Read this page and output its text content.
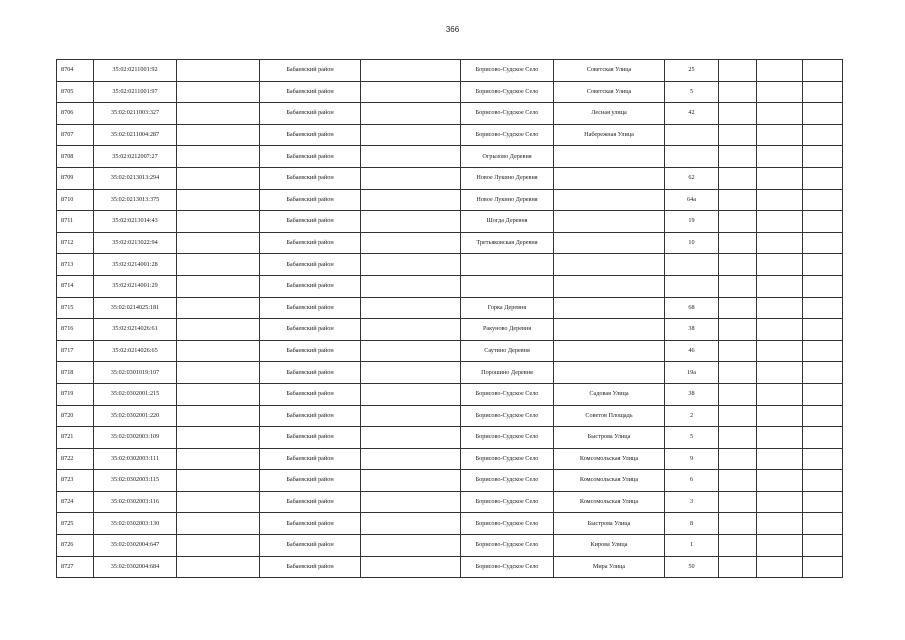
366
8704	35:02:0211001:92		Бабаевский район		Борисово-Судское Село	Советская Улица	25			
8705	35:02:0211001:97		Бабаевский район		Борисово-Судское Село	Советская Улица	5			
8706	35:02:0211003:327		Бабаевский район		Борисово-Судское Село	Лесная улица	42			
8707	35:02:0211004:287		Бабаевский район		Борисово-Судское Село	Набережная Улица				
8708	35:02:0212007:27		Бабаевский район		Огрызово Деревня					
8709	35:02:0213013:294		Бабаевский район		Новое Лукино Деревня		62			
8710	35:02:0213013:375		Бабаевский район		Новое Лукино Деревня		64а			
8711	35:02:0213014:43		Бабаевский район		Шогда Деревня		19			
8712	35:02:0213022:94		Бабаевский район		Третьяковская Деревня		10			
8713	35:02:0214001:28		Бабаевский район							
8714	35:02:0214001:29		Бабаевский район							
8715	35:02:0214025:181		Бабаевский район		Горка Деревня		68			
8716	35:02:0214026:61		Бабаевский район		Ракуново Деревня		38			
8717	35:02:0214026:65		Бабаевский район		Саутино Деревня		46			
8718	35:02:0301019:107		Бабаевский район		Порошино Деревня		19а			
8719	35:02:0302001:215		Бабаевский район		Борисово-Судское Село	Садовая Улица	38			
8720	35:02:0302001:220		Бабаевский район		Борисово-Судское Село	Советов Площадь	2			
8721	35:02:0302003:109		Бабаевский район		Борисово-Судское Село	Быстрова Улица	5			
8722	35:02:0302003:111		Бабаевский район		Борисово-Судское Село	Комсомольская Улица	9			
8723	35:02:0302003:115		Бабаевский район		Борисово-Судское Село	Комсомольская Улица	6			
8724	35:02:0302003:116		Бабаевский район		Борисово-Судское Село	Комсомольская Улица	3			
8725	35:02:0302003:130		Бабаевский район		Борисово-Судское Село	Быстрова Улица	8			
8726	35:02:0302004:647		Бабаевский район		Борисово-Судское Село	Кирова Улица	1			
8727	35:02:0302004:684		Бабаевский район		Борисово-Судское Село	Мира Улица	50			
